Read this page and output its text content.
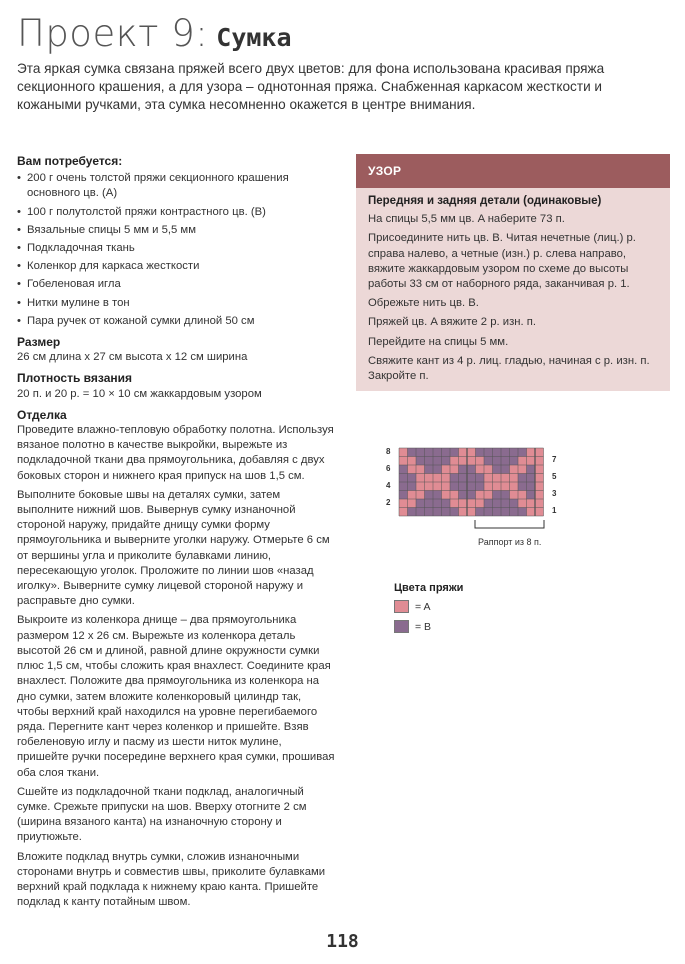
Проект 9: Сумка

Эта яркая сумка связана пряжей всего двух цветов: для фона использована красивая пряжа секционного крашения, а для узора – однотонная пряжа. Снабженная каркасом жесткости и кожаными ручками, эта сумка несомненно окажется в центре внимания.

Вам потребуется:
• 200 г очень толстой пряжи секционного крашения основного цв. (A)
• 100 г полутолстой пряжи контрастного цв. (B)
• Вязальные спицы 5 мм и 5,5 мм
• Подкладочная ткань
• Коленкор для каркаса жесткости
• Гобеленовая игла
• Нитки мулине в тон
• Пара ручек от кожаной сумки длиной 50 см
Размер

26 см длина x 27 см высота x 12 см ширина

Плотность вязания

20 п. и 20 р. = 10 × 10 см жаккардовым узором

Отделка

Проведите влажно-тепловую обработку полотна. Используя вязаное полотно в качестве выкройки, вырежьте из подкладочной ткани два прямоугольника, добавляя с двух боковых сторон и нижнего края припуск на шов 1,5 см.

Выполните боковые швы на деталях сумки, затем выполните нижний шов. Вывернув сумку изнаночной стороной наружу, придайте днищу сумки форму прямоугольника и выверните уголки наружу. Отмерьте 6 см от вершины угла и приколите булавками линию, пересекающую уголок. Проложите по линии шов «назад иголку». Выверните сумку лицевой стороной наружу и расправьте дно сумки.

Выкроите из коленкора днище – два прямоугольника размером 12 x 26 см. Вырежьте из коленкора деталь высотой 26 см и длиной, равной длине окружности сумки плюс 1,5 см, чтобы сложить края внахлест. Соедините края внахлест. Положите два прямоугольника из коленкора на дно сумки, затем вложите коленкоровый цилиндр так, чтобы верхний край находился на уровне перегибаемого ряда. Перегните кант через коленкор и пришейте. Взяв гобеленовую иглу и пасму из шести ниток мулине, пришейте ручки посередине верхнего края сумки, прошивая оба слоя ткани.

Сшейте из подкладочной ткани подклад, аналогичный сумке. Срежьте припуски на шов. Вверху отогните 2 см (ширина вязаного канта) на изнаночную сторону и приутюжьте.

Вложите подклад внутрь сумки, сложив изнаночными сторонами внутрь и совместив швы, приколите булавками верхний край подклада к нижнему краю канта. Пришейте подклад к канту потайным швом.

УЗОР
Передняя и задняя детали (одинаковые)

На спицы 5,5 мм цв. A наберите 73 п.

Присоедините нить цв. B. Читая нечетные (лиц.) р. справа налево, а четные (изн.) р. слева направо, вяжите жаккардовым узором по схеме до высоты работы 33 см от наборного ряда, заканчивая р. 1.

Обрежьте нить цв. B.

Пряжей цв. A вяжите 2 р. изн. п.

Перейдите на спицы 5 мм.

Свяжите кант из 4 р. лиц. гладью, начиная с р. изн. п. Закройте п.

8
6
4
2
7
5
3
1
Раппорт из 8 п.
Цвета пряжи
= A
= B
118
